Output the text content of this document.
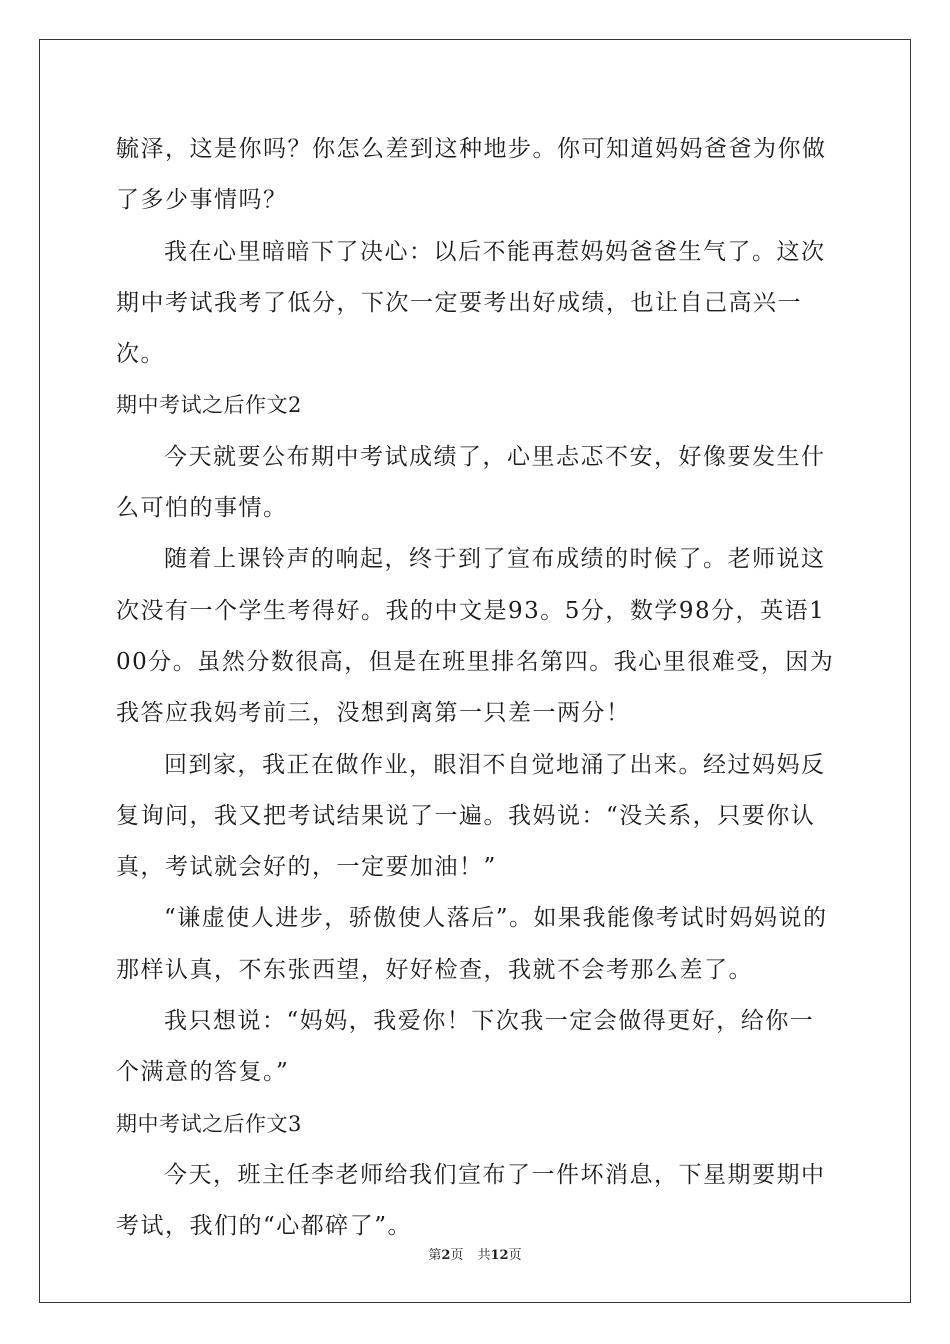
毓泽，这是你吗？你怎么差到这种地步。你可知道妈妈爸爸为你做了多少事情吗？

我在心里暗暗下了决心：以后不能再惹妈妈爸爸生气了。这次期中考试我考了低分，下次一定要考出好成绩，也让自己高兴一次。

期中考试之后作文2

今天就要公布期中考试成绩了，心里忐忑不安，好像要发生什么可怕的事情。

随着上课铃声的响起，终于到了宣布成绩的时候了。老师说这次没有一个学生考得好。我的中文是93。5分，数学98分，英语100分。虽然分数很高，但是在班里排名第四。我心里很难受，因为我答应我妈考前三，没想到离第一只差一两分！

回到家，我正在做作业，眼泪不自觉地涌了出来。经过妈妈反复询问，我又把考试结果说了一遍。我妈说：“没关系，只要你认真，考试就会好的，一定要加油！”

“谦虚使人进步，骄傲使人落后”。如果我能像考试时妈妈说的那样认真，不东张西望，好好检查，我就不会考那么差了。

我只想说：“妈妈，我爱你！下次我一定会做得更好，给你一个满意的答复。”

期中考试之后作文3

今天，班主任李老师给我们宣布了一件坏消息，下星期要期中考试，我们的“心都碎了”。

第2页 共12页
